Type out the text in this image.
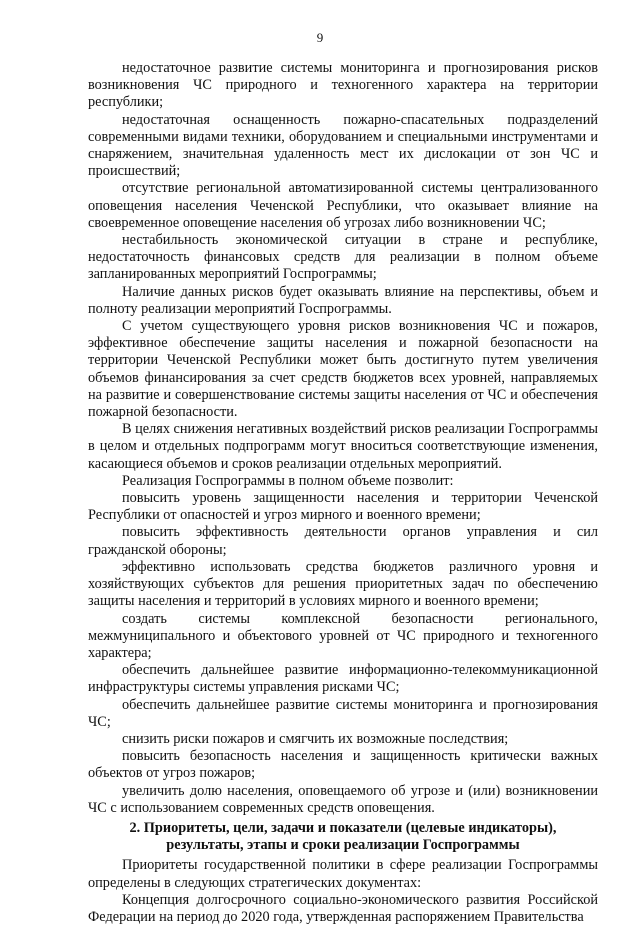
9

недостаточное развитие системы мониторинга и прогнозирования рисков возникновения ЧС природного и техногенного характера на территории республики;

недостаточная оснащенность пожарно-спасательных подразделений современными видами техники, оборудованием и специальными инструментами и снаряжением, значительная удаленность мест их дислокации от зон ЧС и происшествий;

отсутствие региональной автоматизированной системы централизованного оповещения населения Чеченской Республики, что оказывает влияние на своевременное оповещение населения об угрозах либо возникновении ЧС;

нестабильность экономической ситуации в стране и республике, недостаточность финансовых средств для реализации в полном объеме запланированных мероприятий Госпрограммы;

Наличие данных рисков будет оказывать влияние на перспективы, объем и полноту реализации мероприятий Госпрограммы.

С учетом существующего уровня рисков возникновения ЧС и пожаров, эффективное обеспечение защиты населения и пожарной безопасности на территории Чеченской Республики может быть достигнуто путем увеличения объемов финансирования за счет средств бюджетов всех уровней, направляемых на развитие и совершенствование системы защиты населения от ЧС и обеспечения пожарной безопасности.

В целях снижения негативных воздействий рисков реализации Госпрограммы в целом и отдельных подпрограмм могут вноситься соответствующие изменения, касающиеся объемов и сроков реализации отдельных мероприятий.

Реализация Госпрограммы в полном объеме позволит:

повысить уровень защищенности населения и территории Чеченской Республики от опасностей и угроз мирного и военного времени;

повысить эффективность деятельности органов управления и сил гражданской обороны;

эффективно использовать средства бюджетов различного уровня и хозяйствующих субъектов для решения приоритетных задач по обеспечению защиты населения и территорий в условиях мирного и военного времени;

создать системы комплексной безопасности регионального, межмуниципального и объектового уровней от ЧС природного и техногенного характера;

обеспечить дальнейшее развитие информационно-телекоммуникационной инфраструктуры системы управления рисками ЧС;

обеспечить дальнейшее развитие системы мониторинга и прогнозирования ЧС;

снизить риски пожаров и смягчить их возможные последствия;

повысить безопасность населения и защищенность критически важных объектов от угроз пожаров;

увеличить долю населения, оповещаемого об угрозе и (или) возникновении ЧС с использованием современных средств оповещения.

2. Приоритеты, цели, задачи и показатели (целевые индикаторы),
результаты, этапы и сроки реализации Госпрограммы

Приоритеты государственной политики в сфере реализации Госпрограммы определены в следующих стратегических документах:

Концепция долгосрочного социально-экономического развития Российской Федерации на период до 2020 года, утвержденная распоряжением Правительства
